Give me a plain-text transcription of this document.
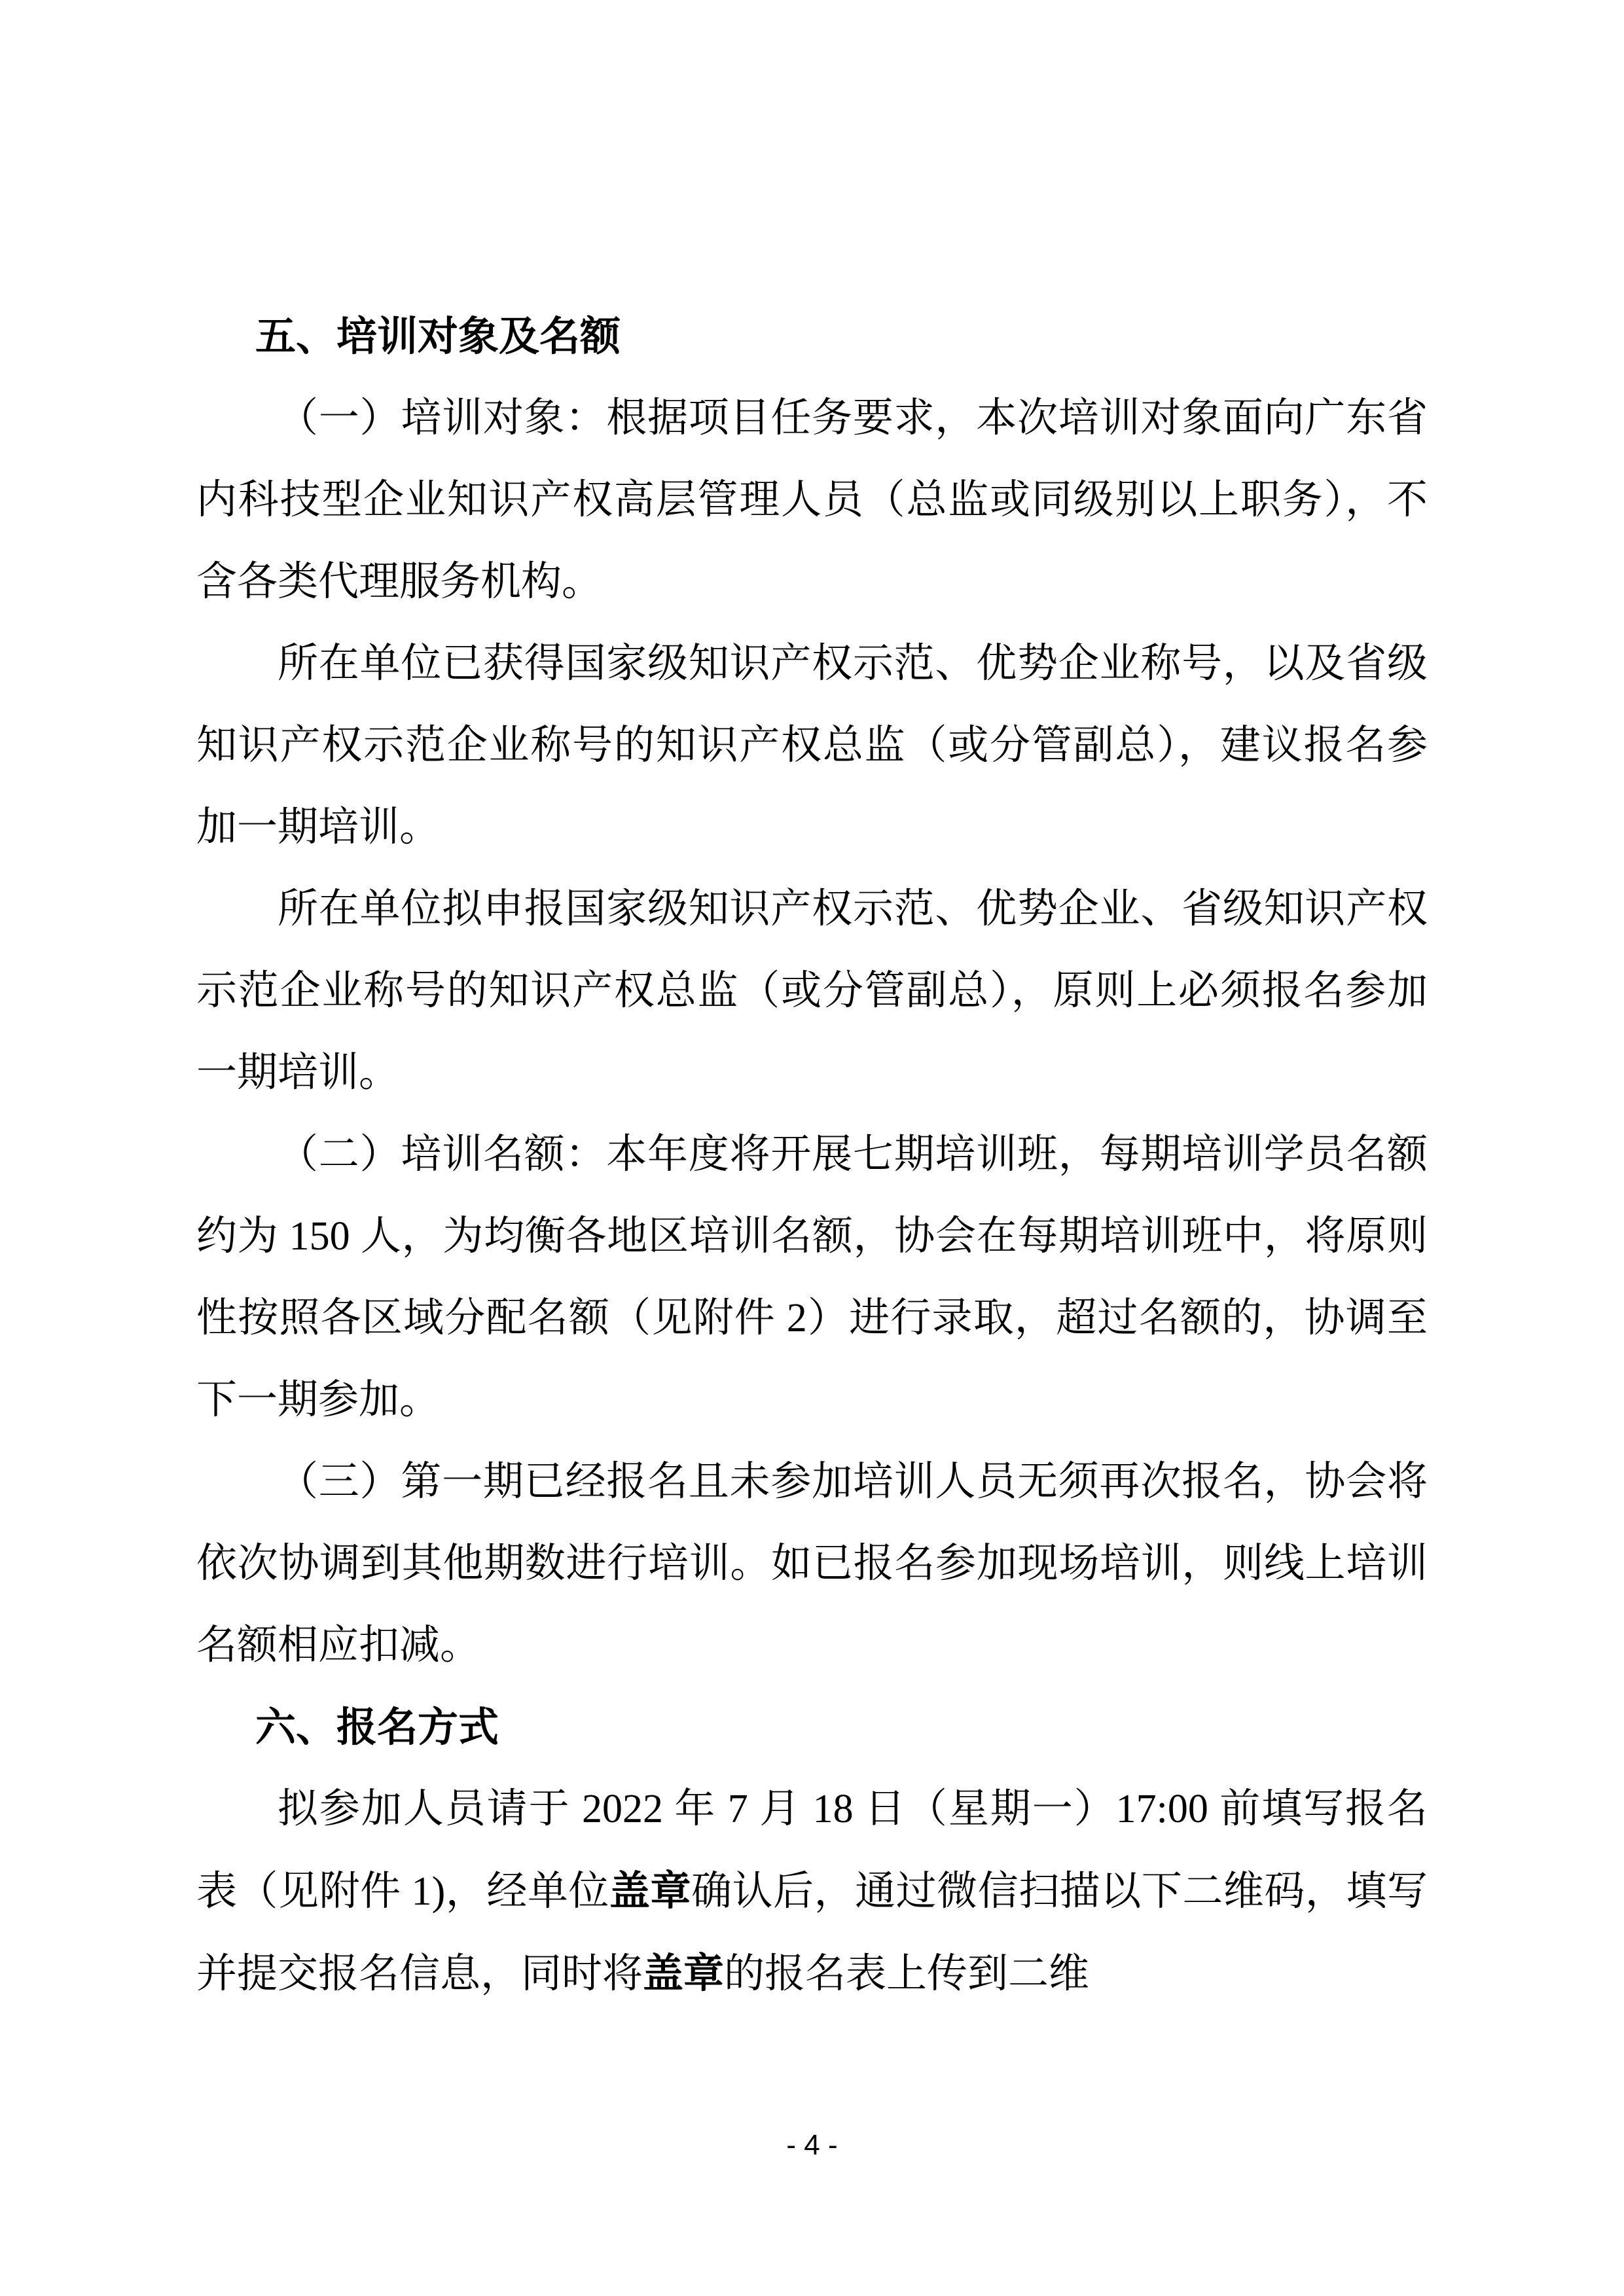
五、培训对象及名额

（一）培训对象：根据项目任务要求，本次培训对象面向广东省内科技型企业知识产权高层管理人员（总监或同级别以上职务），不含各类代理服务机构。

所在单位已获得国家级知识产权示范、优势企业称号，以及省级知识产权示范企业称号的知识产权总监（或分管副总），建议报名参加一期培训。

所在单位拟申报国家级知识产权示范、优势企业、省级知识产权示范企业称号的知识产权总监（或分管副总），原则上必须报名参加一期培训。

（二）培训名额：本年度将开展七期培训班，每期培训学员名额约为 150 人，为均衡各地区培训名额，协会在每期培训班中，将原则性按照各区域分配名额（见附件 2）进行录取，超过名额的，协调至下一期参加。

（三）第一期已经报名且未参加培训人员无须再次报名，协会将依次协调到其他期数进行培训。如已报名参加现场培训，则线上培训名额相应扣减。

六、报名方式

拟参加人员请于 2022 年 7 月 18 日（星期一）17:00 前填写报名表（见附件 1)，经单位盖章确认后，通过微信扫描以下二维码，填写并提交报名信息，同时将盖章的报名表上传到二维

- 4 -
